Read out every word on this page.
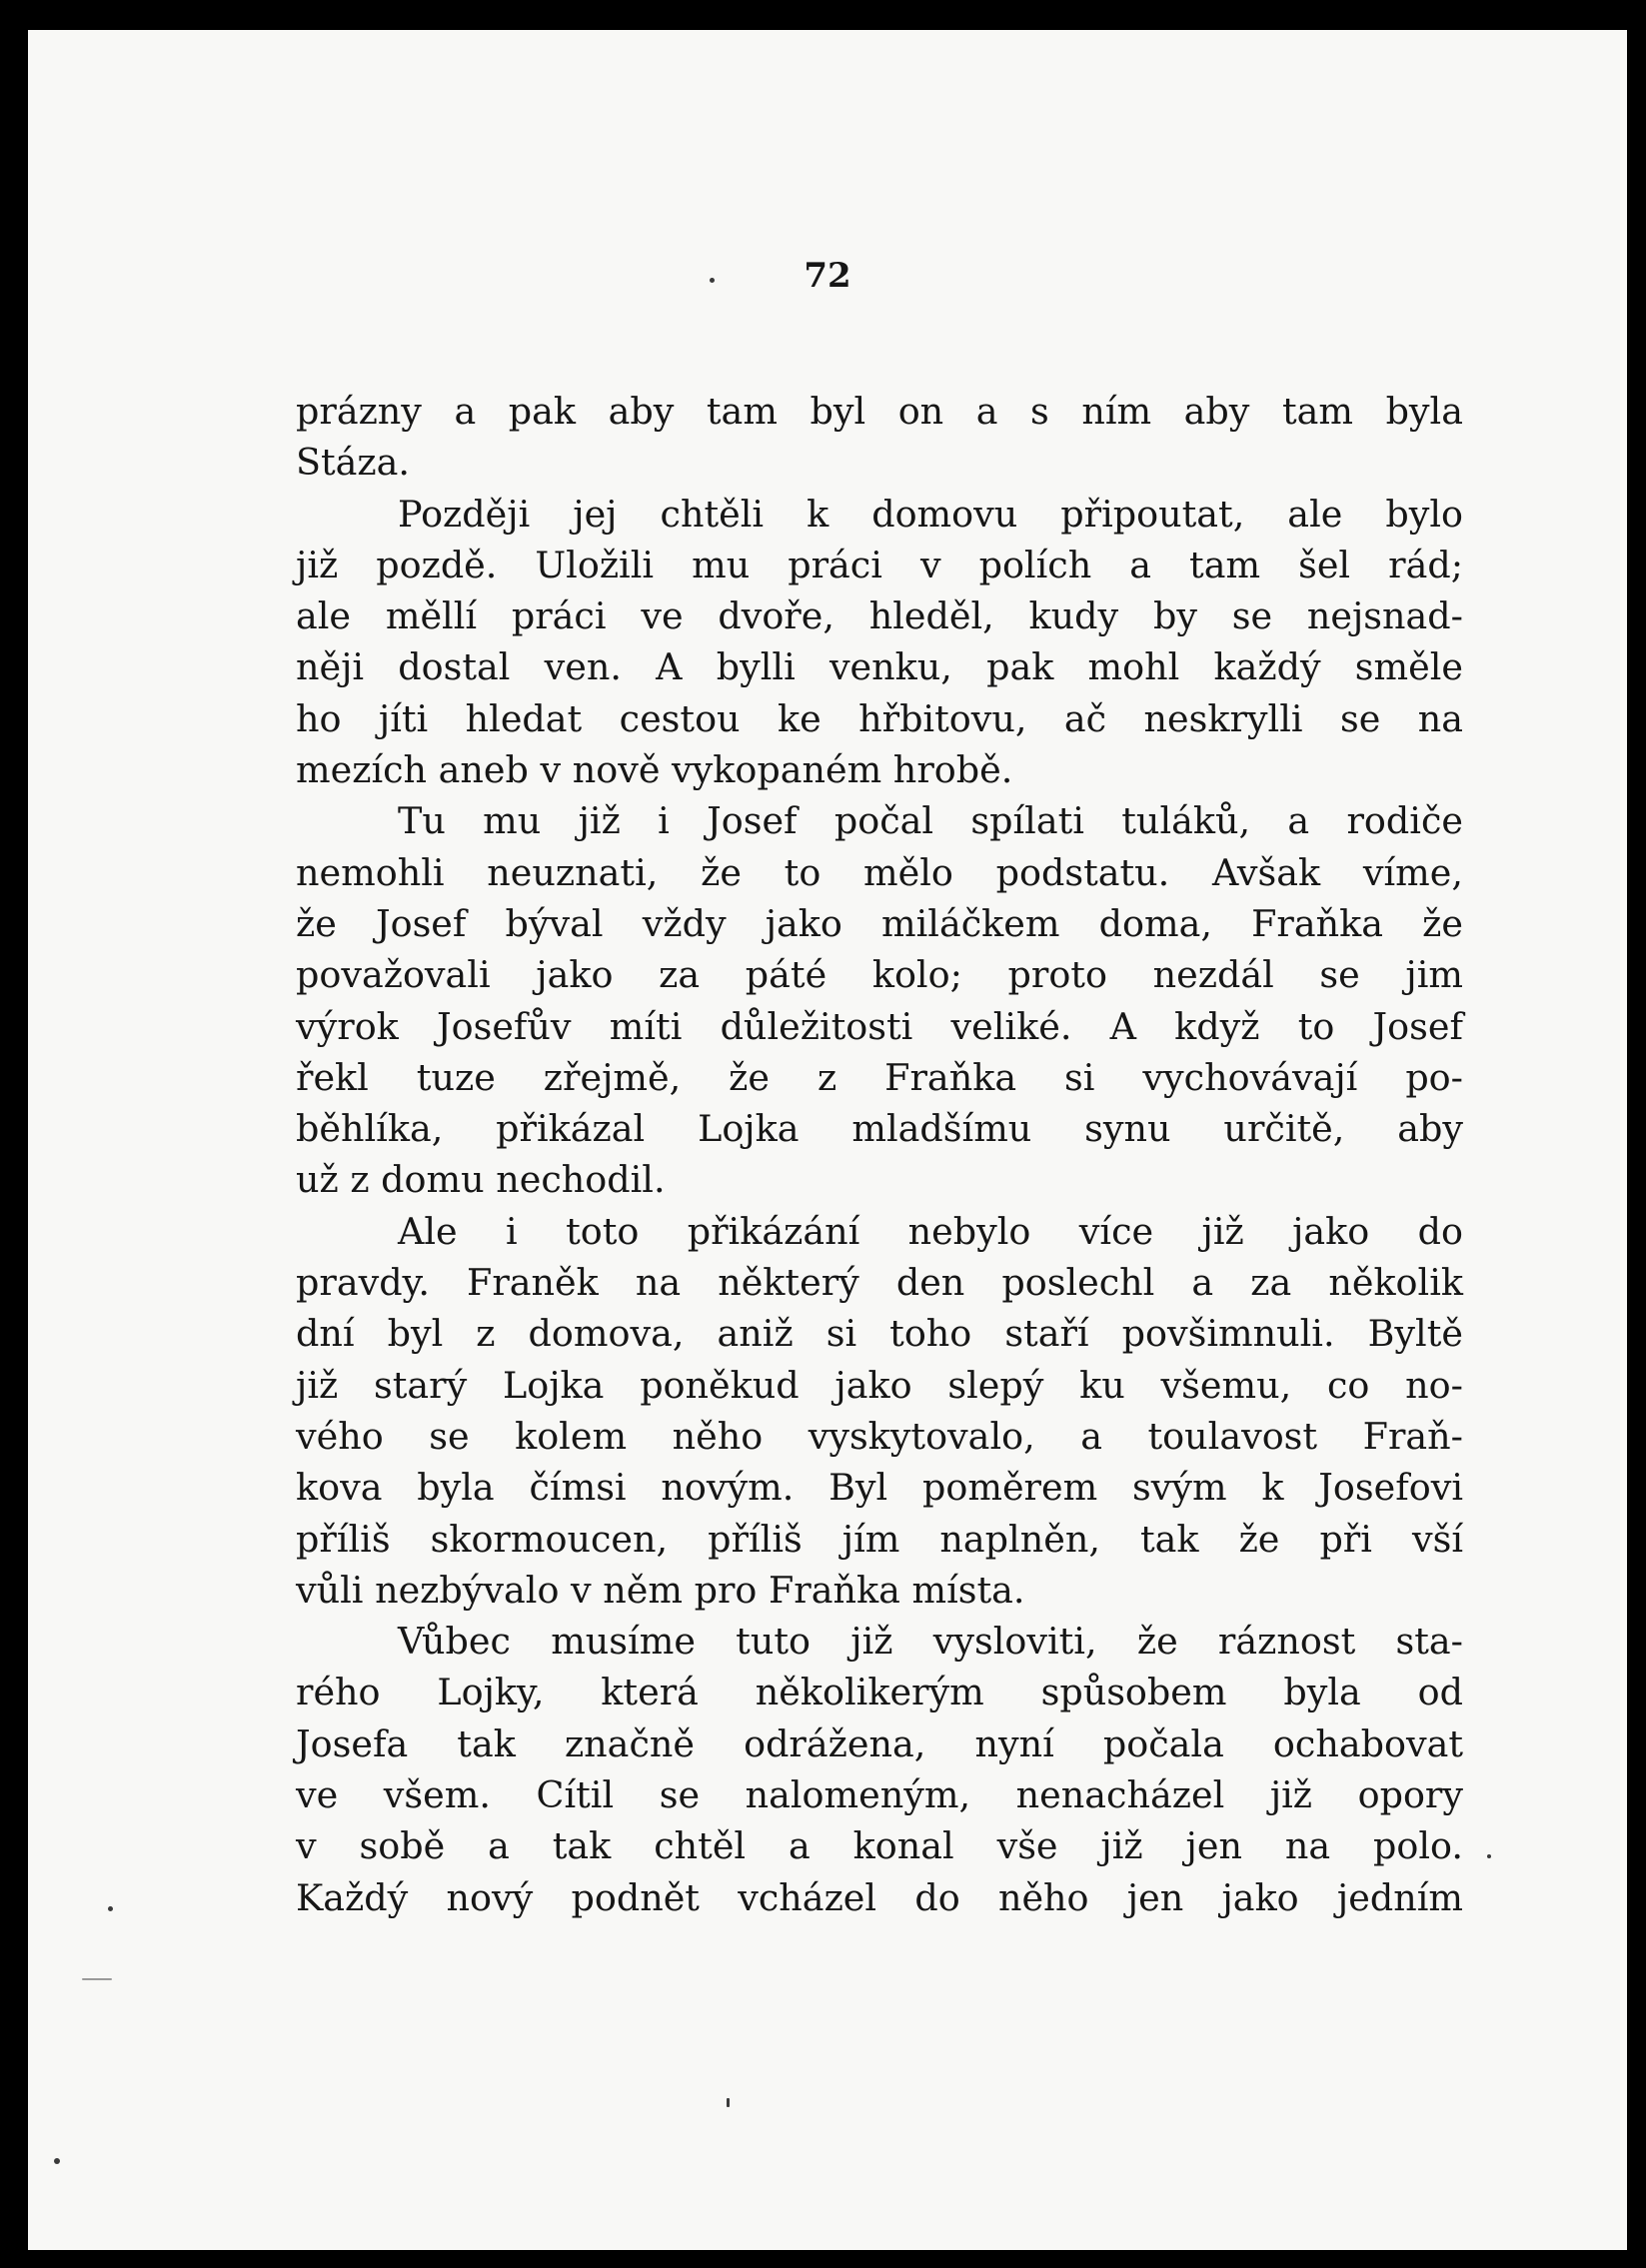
72
prázny a pak aby tam byl on a s ním aby tam byla
Stáza.
Později jej chtěli k domovu připoutat, ale bylo
již pozdě. Uložili mu práci v polích a tam šel rád;
ale měllí práci ve dvoře, hleděl, kudy by se nejsnad-
něji dostal ven. A bylli venku, pak mohl každý směle
ho jíti hledat cestou ke hřbitovu, ač neskrylli se na
mezích aneb v nově vykopaném hrobě.
Tu mu již i Josef počal spílati tuláků, a rodiče
nemohli neuznati, že to mělo podstatu. Avšak víme,
že Josef býval vždy jako miláčkem doma, Fraňka že
považovali jako za páté kolo; proto nezdál se jim
výrok Josefův míti důležitosti veliké. A když to Josef
řekl tuze zřejmě, že z Fraňka si vychovávají po-
běhlíka, přikázal Lojka mladšímu synu určitě, aby
už z domu nechodil.
Ale i toto přikázání nebylo více již jako do
pravdy. Franěk na některý den poslechl a za několik
dní byl z domova, aniž si toho staří povšimnuli. Byltě
již starý Lojka poněkud jako slepý ku všemu, co no-
vého se kolem něho vyskytovalo, a toulavost Fraň-
kova byla čímsi novým. Byl poměrem svým k Josefovi
příliš skormoucen, příliš jím naplněn, tak že při vší
vůli nezbývalo v něm pro Fraňka místa.
Vůbec musíme tuto již vysloviti, že ráznost sta-
rého Lojky, která několikerým spůsobem byla od
Josefa tak značně odrážena, nyní počala ochabovat
ve všem. Cítil se nalomeným, nenacházel již opory
v sobě a tak chtěl a konal vše již jen na polo.
Každý nový podnět vcházel do něho jen jako jedním
